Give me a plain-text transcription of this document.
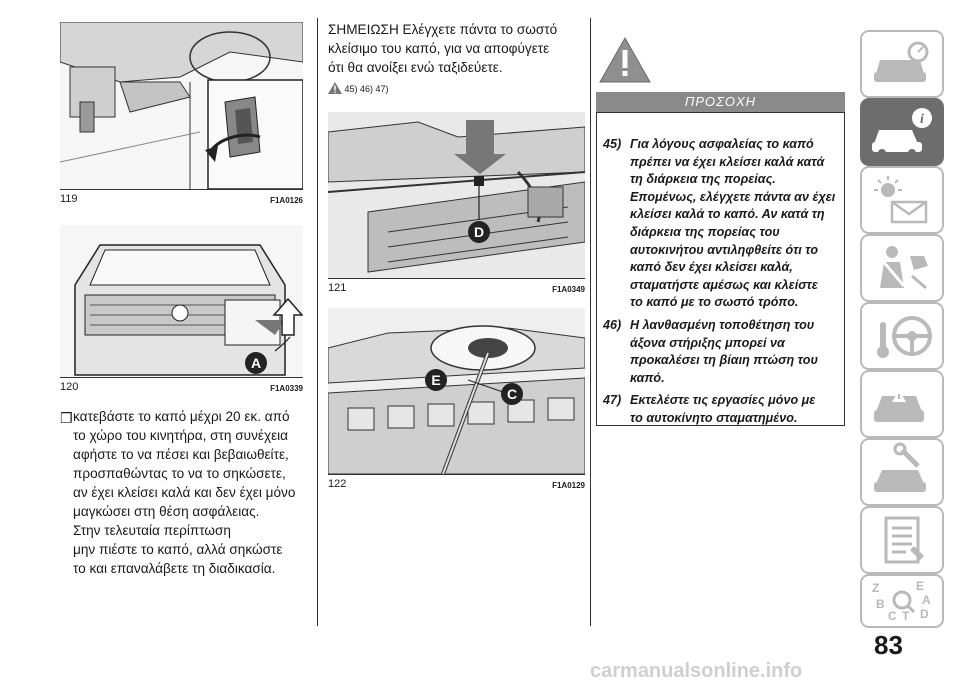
119	F1A0126
A
120	F1A0339
❒ κατεβάστε το καπό μέχρι 20 εκ. από

το χώρο του κινητήρα, στη συνέχεια

αφήστε το να πέσει και βεβαιωθείτε,

προσπαθώντας το να το σηκώσετε,

αν έχει κλείσει καλά και δεν έχει μόνο

μαγκώσει στη θέση ασφάλειας.

Στην τελευταία περίπτωση

μην πιέστε το καπό, αλλά σηκώστε

το και επαναλάβετε τη διαδικασία.

ΣΗΜΕΙΩΣΗ Ελέγχετε πάντα το σωστό

κλείσιμο του καπό, για να αποφύγετε

ότι θα ανοίξει ενώ ταξιδεύετε.

45) 46) 47)
D
121	F1A0349
E
C
122	F1A0129
ΠΡΟΣΟΧΗ
45) Για λόγους ασφαλείας το καπό
πρέπει να έχει κλείσει καλά κατά
τη διάρκεια της πορείας.
Επομένως, ελέγχετε πάντα αν έχει
κλείσει καλά το καπό. Αν κατά τη
διάρκεια της πορείας του
αυτοκινήτου αντιληφθείτε ότι το
καπό δεν έχει κλείσει καλά,
σταματήστε αμέσως και κλείστε
το καπό με το σωστό τρόπο.
46) Η λανθασμένη τοποθέτηση του
άξονα στήριξης μπορεί να
προκαλέσει τη βίαιη πτώση του
καπό.
47) Εκτελέστε τις εργασίες μόνο με
το αυτοκίνητο σταματημένο.
i
Z	E
B	A
C T D
83
carmanualsonline.info
